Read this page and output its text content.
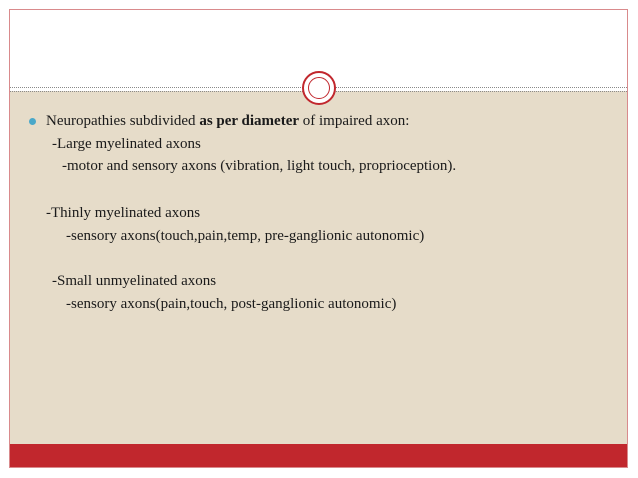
Neuropathies subdivided as per diameter of impaired axon:
-Large myelinated axons
-motor and sensory axons (vibration, light touch, proprioception).
-Thinly myelinated axons
-sensory axons(touch,pain,temp, pre-ganglionic autonomic)
-Small unmyelinated axons
-sensory axons(pain,touch, post-ganglionic autonomic)
